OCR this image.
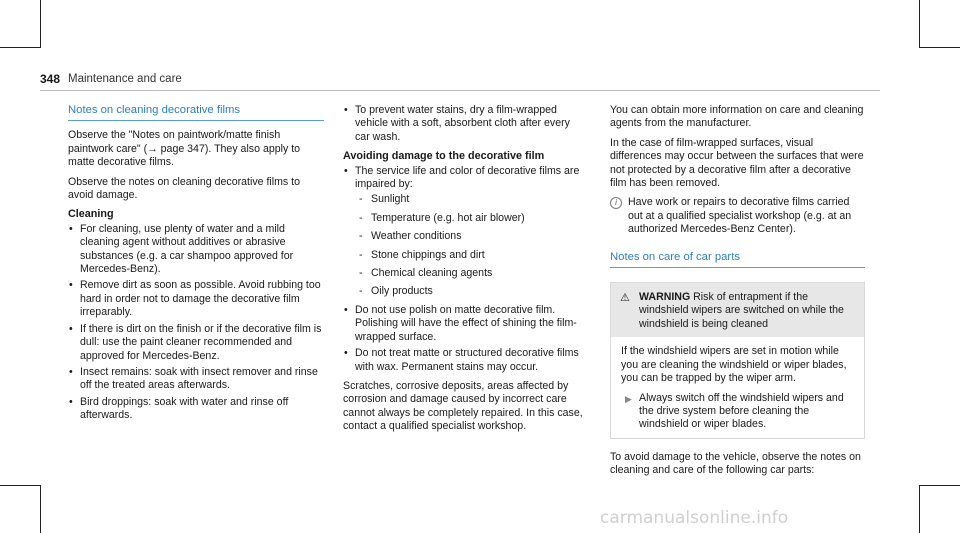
348 Maintenance and care
Notes on cleaning decorative films

Observe the "Notes on paintwork/matte finish paintwork care" (→ page 347). They also apply to matte decorative films.

Observe the notes on cleaning decorative films to avoid damage.

Cleaning
• For cleaning, use plenty of water and a mild cleaning agent without additives or abrasive substances (e.g. a car shampoo approved for Mercedes-Benz).
• Remove dirt as soon as possible. Avoid rubbing too hard in order not to damage the decorative film irreparably.
• If there is dirt on the finish or if the decorative film is dull: use the paint cleaner recommended and approved for Mercedes-Benz.
• Insect remains: soak with insect remover and rinse off the treated areas afterwards.
• Bird droppings: soak with water and rinse off afterwards.
• To prevent water stains, dry a film-wrapped vehicle with a soft, absorbent cloth after every car wash.
Avoiding damage to the decorative film
• The service life and color of decorative films are impaired by:
- Sunlight
- Temperature (e.g. hot air blower)
- Weather conditions
- Stone chippings and dirt
- Chemical cleaning agents
- Oily products
• Do not use polish on matte decorative film. Polishing will have the effect of shining the film-wrapped surface.
• Do not treat matte or structured decorative films with wax. Permanent stains may occur.

Scratches, corrosive deposits, areas affected by corrosion and damage caused by incorrect care cannot always be completely repaired. In this case, contact a qualified specialist workshop.

You can obtain more information on care and cleaning agents from the manufacturer.

In the case of film-wrapped surfaces, visual differences may occur between the surfaces that were not protected by a decorative film after a decorative film has been removed.

i	Have work or repairs to decorative films carried out at a qualified specialist workshop (e.g. at an authorized Mercedes-Benz Center).
Notes on care of car parts
⚠ WARNING Risk of entrapment if the windshield wipers are switched on while the windshield is being cleaned
If the windshield wipers are set in motion while you are cleaning the windshield or wiper blades, you can be trapped by the wiper arm.
▶ Always switch off the windshield wipers and the drive system before cleaning the windshield or wiper blades.

To avoid damage to the vehicle, observe the notes on cleaning and care of the following car parts:

carmanualsonline.info
